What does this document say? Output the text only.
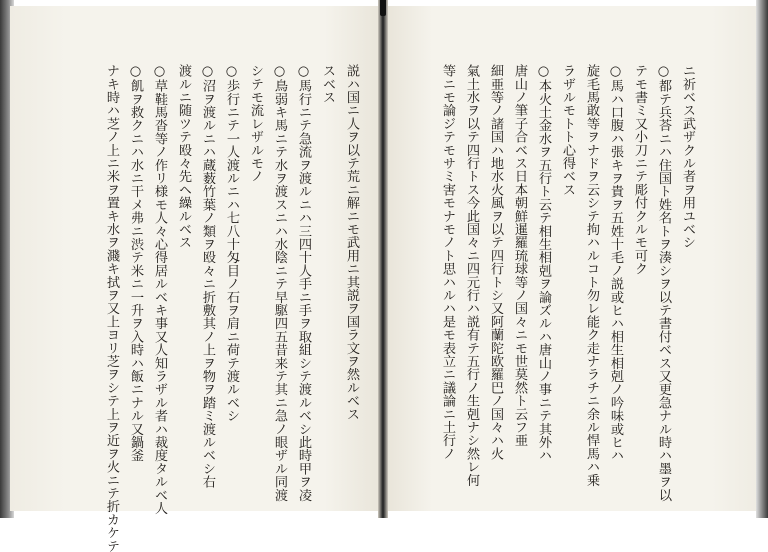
説ハ国ニ人ヲ以テ荒ニ解ニモ武用ニ其説ヲ国ラ文ヲ然ルベス
スベス
○馬行ニテ急流ヲ渡ルニハ三四十人手ニ手ヲ取組シテ渡ルベシ此時甲ヲ凌
○鳥弱キ馬ニテ水ヲ渡スニハ水陰ニテ早駆四五昔来テ其ニ急ノ眼ザル同渡
シテモ流レザルモノ
○歩行ニテ一人渡ルニハ七八十匁目ノ石ヲ肩ニ荷テ渡ルベシ
○沼ヲ渡ルニハ蔵薮竹葉ノ類ヲ殴々ニ折敷其ノ上ヲ物ヲ踏ミ渡ルベシ右
渡ルニ随ツテ殴々先ヘ繰ルベス
○草鞋馬沓等ノ作リ様モ人々心得居ルベキ事又人知ラザル者ハ裁度タルベ人
○飢ヲ救クニハ水ニ干メ弗ニ渋テ米ニ一升ヲ入時ハ飯ニナル又鍋釜
ナキ時ハ芝ノ上ニ米ヲ置キ水ヲ濺キ拭ヲ又上ヨリ芝ヲシテ上ヲ近ヲ火ニテ折カケテ	ニ祈ベス武ザクル者ヲ用ユベシ
○都テ兵荅ニハ住国ト姓名トヲ湊シヲ以テ書付ベス又更急ナル時ハ墨ヲ以
テモ書ミ又小刀ニテ彫付クルモ可ク
○馬ハ口腹ハ張キヲ貴ヲ五姓十毛ノ説或ヒハ相生相剋ノ吟味或ヒハ
旋毛馬敢等ヲナドヲ云シテ拘ハルコト勿レ能ク走ナラチニ余ル悍馬ハ乗
ラザルモトト心得ベス
○本火土金水ヲ五行ト云テ相生相剋ヲ論ズルハ唐山ノ事ニテ其外ハ
唐山ノ筆子合ベス日本朝鮮暹羅琉球等ノ国々ニモ世莫然ト云フ亜
細亜等ノ諸国ハ地水火風ヲ以テ四行トシ又阿蘭陀欧羅巴ノ国々ハ火
氣土水ヲ以テ四行トス今此国々ニ四元行ハ説有テ五行ノ生剋ナシ然レ何
等ニモ論ジテモサミ害モナモノト思ハルハ是モ表立ニ議論ニ土行ノ
